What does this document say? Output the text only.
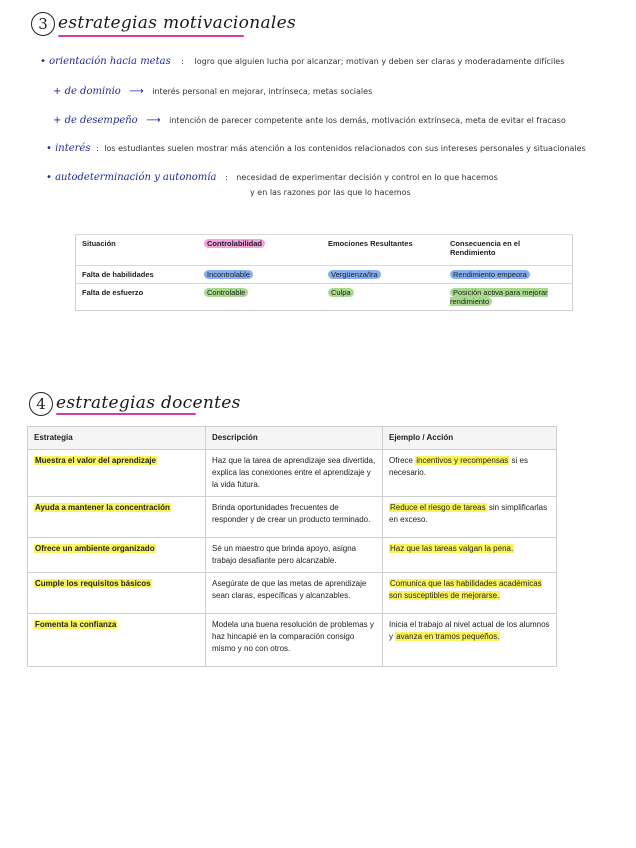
3 estrategias motivacionales
• orientación hacia metas : logro que alguien lucha por alcanzar; motivan y deben ser claras y moderadamente difíciles
+ de dominio ⟶ interés personal en mejorar, intrínseca, metas sociales
+ de desempeño ⟶ intención de parecer competente ante los demás, motivación extrínseca, meta de evitar el fracaso
• interés : los estudiantes suelen mostrar más atención a los contenidos relacionados con sus intereses personales y situacionales
• autodeterminación y autonomía : necesidad de experimentar decisión y control en lo que hacemos
y en las razones por las que lo hacemos
Situación	Controlabilidad	Emociones Resultantes	Consecuencia en el Rendimiento
Falta de habilidades	Incontrolable	Vergüenza/Ira	Rendimiento empeora
Falta de esfuerzo	Controlable	Culpa	Posición activa para mejorar rendimiento
4 estrategias docentes
Estrategia	Descripción	Ejemplo / Acción
Muestra el valor del aprendizaje	Haz que la tarea de aprendizaje sea divertida, explica las conexiones entre el aprendizaje y la vida futura.	Ofrece incentivos y recompensas si es necesario.
Ayuda a mantener la concentración	Brinda oportunidades frecuentes de responder y de crear un producto terminado.	Reduce el riesgo de tareas sin simplificarlas en exceso.
Ofrece un ambiente organizado	Sé un maestro que brinda apoyo, asigna trabajo desafiante pero alcanzable.	Haz que las tareas valgan la pena.
Cumple los requisitos básicos	Asegúrate de que las metas de aprendizaje sean claras, específicas y alcanzables.	Comunica que las habilidades académicas son susceptibles de mejorarse.
Fomenta la confianza	Modela una buena resolución de problemas y haz hincapié en la comparación consigo mismo y no con otros.	Inicia el trabajo al nivel actual de los alumnos y avanza en tramos pequeños.
